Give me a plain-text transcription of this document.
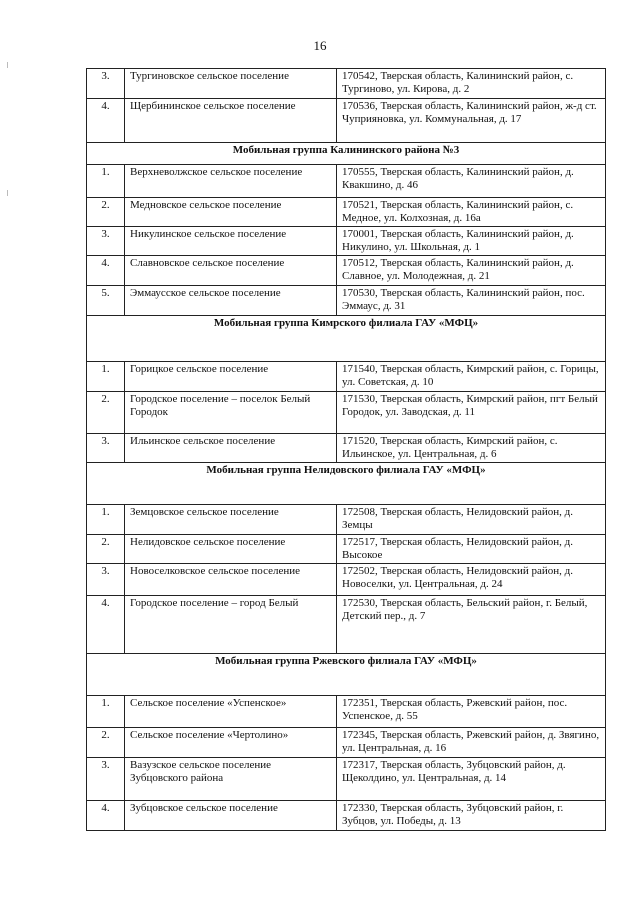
16
3.	Тургиновское сельское поселение	170542, Тверская область, Калининский район, с. Тургиново, ул. Кирова, д. 2
4.	Щербининское сельское поселение	170536, Тверская область, Калининский район, ж-д ст. Чуприяновка, ул. Коммунальная, д. 17
Мобильная группа Калининского района №3		
1.	Верхневолжское сельское поселение	170555, Тверская область, Калининский район, д. Квакшино, д. 46
2.	Медновское сельское поселение	170521, Тверская область, Калининский район, с. Медное, ул. Колхозная, д. 16а
3.	Никулинское сельское поселение	170001, Тверская область, Калининский район, д. Никулино, ул. Школьная, д. 1
4.	Славновское сельское поселение	170512, Тверская область, Калининский район, д. Славное, ул. Молодежная, д. 21
5.	Эммаусское сельское поселение	170530, Тверская область, Калининский район, пос. Эммаус, д. 31
Мобильная группа Кимрского филиала ГАУ «МФЦ»		
1.	Горицкое сельское поселение	171540, Тверская область, Кимрский район, с. Горицы, ул. Советская, д. 10
2.	Городское поселение – поселок Белый Городок	171530, Тверская область, Кимрский район, пгт Белый Городок, ул. Заводская, д. 11
3.	Ильинское сельское поселение	171520, Тверская область, Кимрский район, с. Ильинское, ул. Центральная, д. 6
Мобильная группа Нелидовского филиала ГАУ «МФЦ»		
1.	Земцовское сельское поселение	172508, Тверская область, Нелидовский район, д. Земцы
2.	Нелидовское сельское поселение	172517, Тверская область, Нелидовский район, д. Высокое
3.	Новоселковское сельское поселение	172502, Тверская область, Нелидовский район, д. Новоселки, ул. Центральная, д. 24
4.	Городское поселение – город Белый	172530, Тверская область, Бельский район, г. Белый, Детский пер., д. 7
Мобильная группа Ржевского филиала ГАУ «МФЦ»		
1.	Сельское поселение «Успенское»	172351, Тверская область, Ржевский район, пос. Успенское, д. 55
2.	Сельское поселение «Чертолино»	172345, Тверская область, Ржевский район, д. Звягино, ул. Центральная, д. 16
3.	Вазузское сельское поселение Зубцовского района	172317, Тверская область, Зубцовский район, д. Щеколдино, ул. Центральная, д. 14
4.	Зубцовское сельское поселение	172330, Тверская область, Зубцовский район, г. Зубцов, ул. Победы, д. 13
